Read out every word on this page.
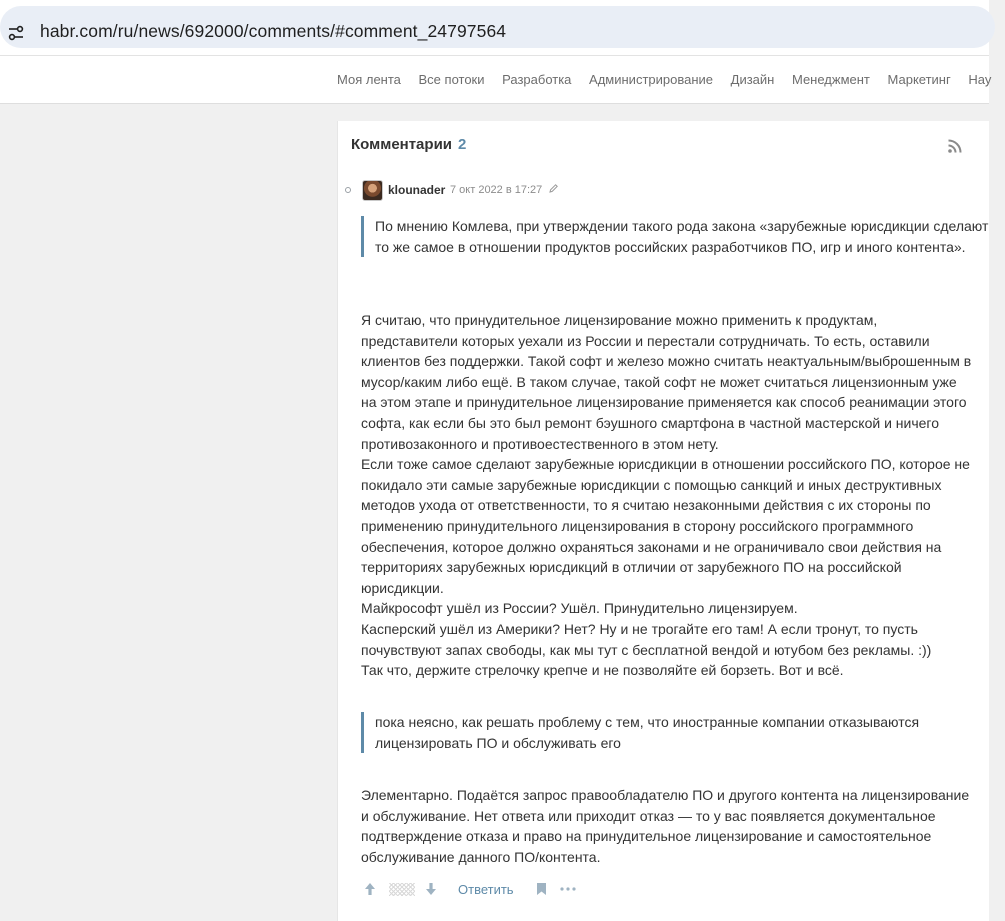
habr.com/ru/news/692000/comments/#comment_24797564
Моя лента Все потоки Разработка Администрирование Дизайн Менеджмент Маркетинг Нау
Комментарии 2
klounader 7 окт 2022 в 17:27
По мнению Комлева, при утверждении такого рода закона «зарубежные юрисдикции сделают то же самое в отношении продуктов российских разработчиков ПО, игр и иного контента».
Я считаю, что принудительное лицензирование можно применить к продуктам,
представители которых уехали из России и перестали сотрудничать. То есть, оставили
клиентов без поддержки. Такой софт и железо можно считать неактуальным/выброшенным в
мусор/каким либо ещё. В таком случае, такой софт не может считаться лицензионным уже
на этом этапе и принудительное лицензирование применяется как способ реанимации этого
софта, как если бы это был ремонт бэушного смартфона в частной мастерской и ничего
противозаконного и противоестественного в этом нету.
Если тоже самое сделают зарубежные юрисдикции в отношении российского ПО, которое не
покидало эти самые зарубежные юрисдикции с помощью санкций и иных деструктивных
методов ухода от ответственности, то я считаю незаконными действия с их стороны по
применению принудительного лицензирования в сторону российского программного
обеспечения, которое должно охраняться законами и не ограничивало свои действия на
территориях зарубежных юрисдикций в отличии от зарубежного ПО на российской
юрисдикции.
Майкрософт ушёл из России? Ушёл. Принудительно лицензируем.
Касперский ушёл из Америки? Нет? Ну и не трогайте его там! А если тронут, то пусть
почувствуют запах свободы, как мы тут с бесплатной вендой и ютубом без рекламы. :))
Так что, держите стрелочку крепче и не позволяйте ей борзеть. Вот и всё.
пока неясно, как решать проблему с тем, что иностранные компании отказываются лицензировать ПО и обслуживать его
Элементарно. Подаётся запрос правообладателю ПО и другого контента на лицензирование
и обслуживание. Нет ответа или приходит отказ — то у вас появляется документальное
подтверждение отказа и право на принудительное лицензирование и самостоятельное
обслуживание данного ПО/контента.
Ответить
